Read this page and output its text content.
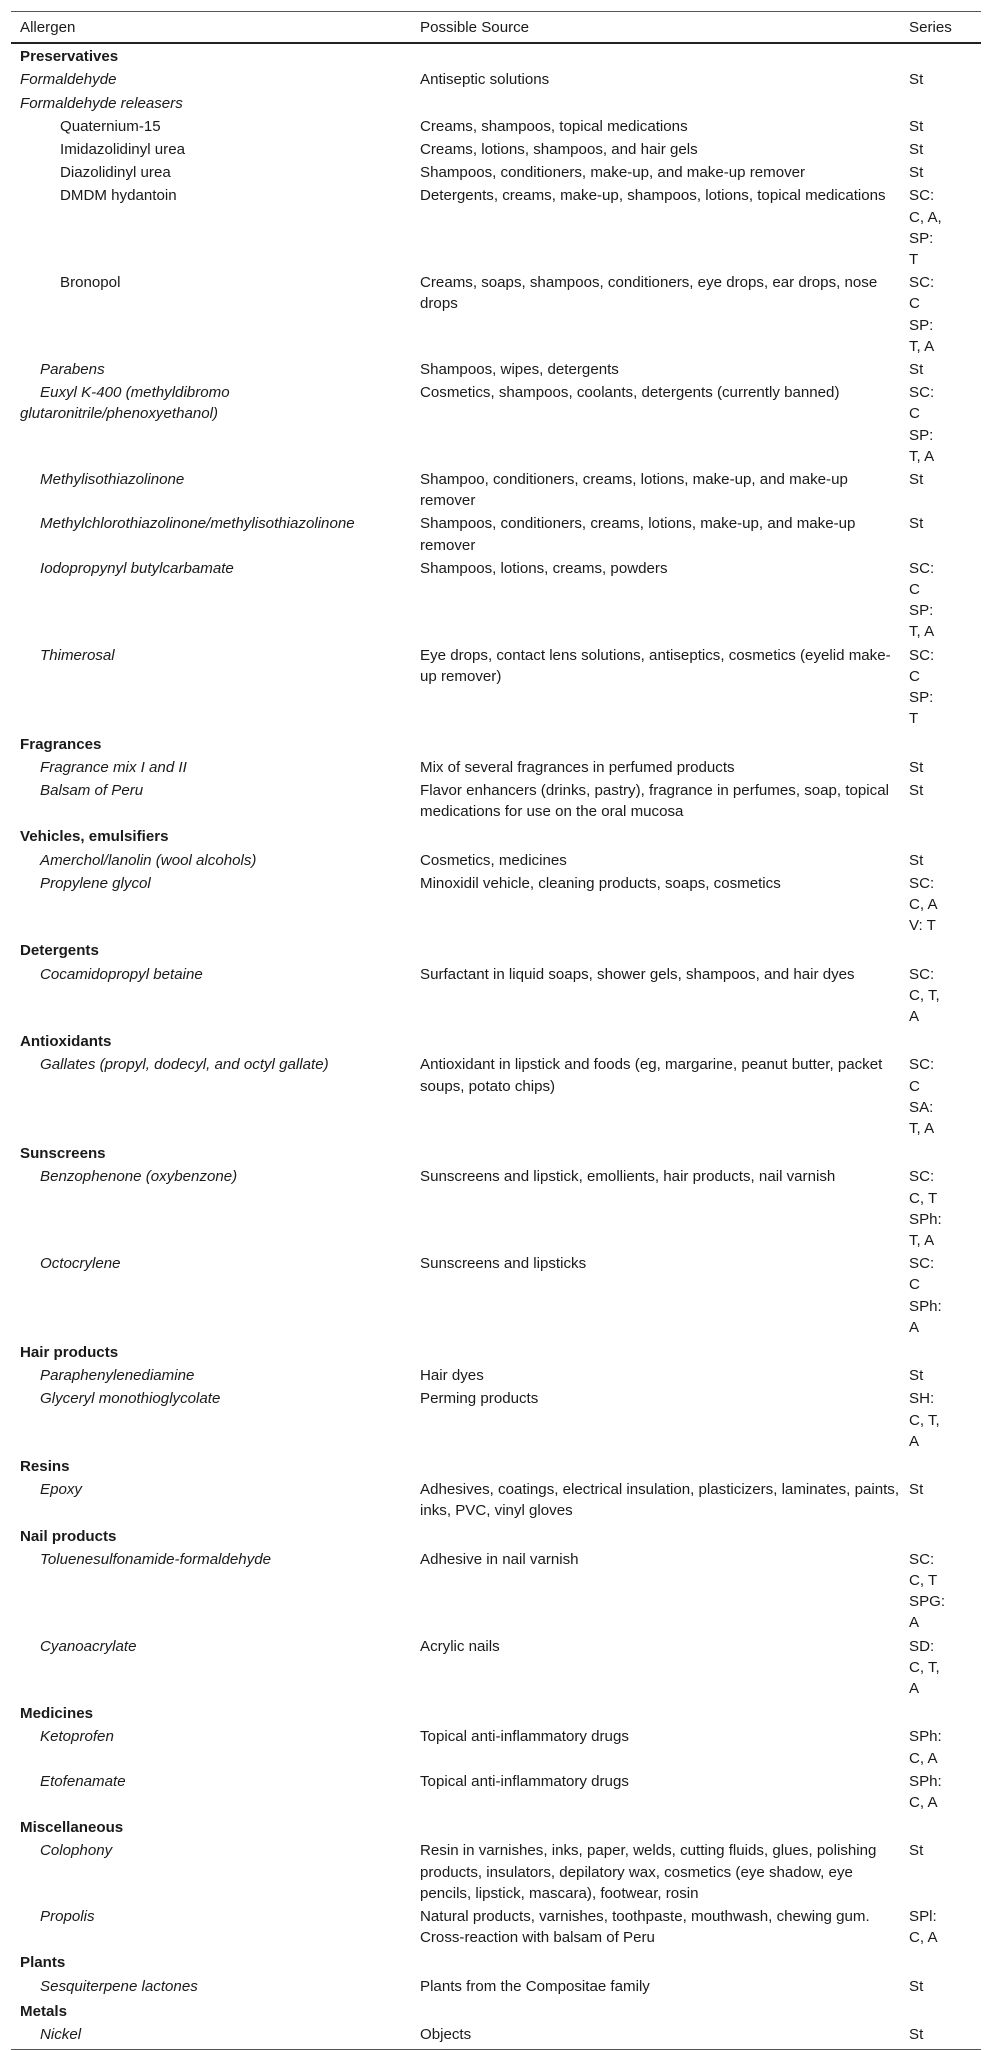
Allergen	Possible Source	Series
Preservatives		
Formaldehyde	Antiseptic solutions	St
Formaldehyde releasers		
Quaternium-15	Creams, shampoos, topical medications	St
Imidazolidinyl urea	Creams, lotions, shampoos, and hair gels	St
Diazolidinyl urea	Shampoos, conditioners, make-up, and make-up remover	St
DMDM hydantoin	Detergents, creams, make-up, shampoos, lotions, topical medications	SC:
C, A,
SP:
T
Bronopol	Creams, soaps, shampoos, conditioners, eye drops, ear drops, nose drops	SC:
C
SP:
T, A
Parabens	Shampoos, wipes, detergents	St
Euxyl K-400 (methyldibromo glutaronitrile/phenoxyethanol)	Cosmetics, shampoos, coolants, detergents (currently banned)	SC:
C
SP:
T, A
Methylisothiazolinone	Shampoo, conditioners, creams, lotions, make-up, and make-up remover	St
Methylchlorothiazolinone/methylisothiazolinone	Shampoos, conditioners, creams, lotions, make-up, and make-up remover	St
Iodopropynyl butylcarbamate	Shampoos, lotions, creams, powders	SC:
C
SP:
T, A
Thimerosal	Eye drops, contact lens solutions, antiseptics, cosmetics (eyelid make-up remover)	SC:
C
SP:
T
Fragrances		
Fragrance mix I and II	Mix of several fragrances in perfumed products	St
Balsam of Peru	Flavor enhancers (drinks, pastry), fragrance in perfumes, soap, topical medications for use on the oral mucosa	St
Vehicles, emulsifiers		
Amerchol/lanolin (wool alcohols)	Cosmetics, medicines	St
Propylene glycol	Minoxidil vehicle, cleaning products, soaps, cosmetics	SC:
C, A
V: T
Detergents		
Cocamidopropyl betaine	Surfactant in liquid soaps, shower gels, shampoos, and hair dyes	SC:
C, T,
A
Antioxidants		
Gallates (propyl, dodecyl, and octyl gallate)	Antioxidant in lipstick and foods (eg, margarine, peanut butter, packet soups, potato chips)	SC:
C
SA:
T, A
Sunscreens		
Benzophenone (oxybenzone)	Sunscreens and lipstick, emollients, hair products, nail varnish	SC:
C, T
SPh:
T, A
Octocrylene	Sunscreens and lipsticks	SC:
C
SPh:
A
Hair products		
Paraphenylenediamine	Hair dyes	St
Glyceryl monothioglycolate	Perming products	SH:
C, T,
A
Resins		
Epoxy	Adhesives, coatings, electrical insulation, plasticizers, laminates, paints, inks, PVC, vinyl gloves	St
Nail products		
Toluenesulfonamide-formaldehyde	Adhesive in nail varnish	SC:
C, T
SPG:
A
Cyanoacrylate	Acrylic nails	SD:
C, T,
A
Medicines		
Ketoprofen	Topical anti-inflammatory drugs	SPh:
C, A
Etofenamate	Topical anti-inflammatory drugs	SPh:
C, A
Miscellaneous		
Colophony	Resin in varnishes, inks, paper, welds, cutting fluids, glues, polishing products, insulators, depilatory wax, cosmetics (eye shadow, eye pencils, lipstick, mascara), footwear, rosin	St
Propolis	Natural products, varnishes, toothpaste, mouthwash, chewing gum. Cross-reaction with balsam of Peru	SPl:
C, A
Plants		
Sesquiterpene lactones	Plants from the Compositae family	St
Metals		
Nickel	Objects	St
